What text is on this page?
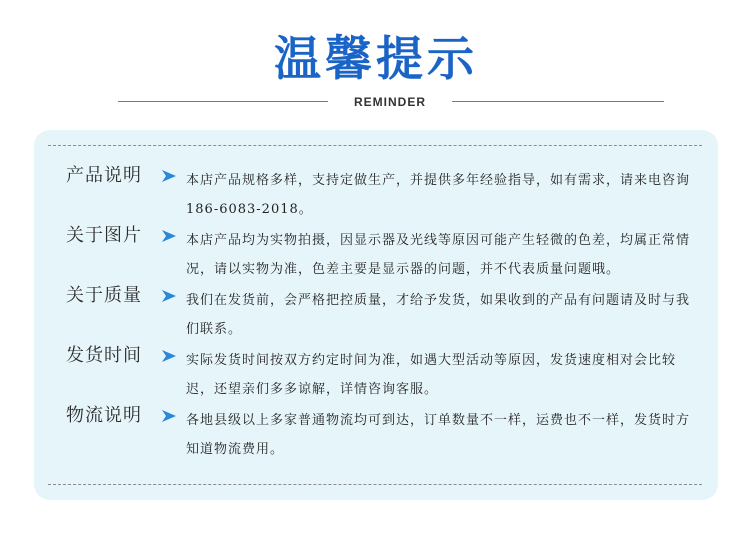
温馨提示
REMINDER
产品说明	本店产品规格多样，支持定做生产，并提供多年经验指导，如有需求，请来电咨询186-6083-2018。
关于图片	本店产品均为实物拍摄，因显示器及光线等原因可能产生轻微的色差，均属正常情况，请以实物为准，色差主要是显示器的问题，并不代表质量问题哦。
关于质量	我们在发货前，会严格把控质量，才给予发货，如果收到的产品有问题请及时与我们联系。
发货时间	实际发货时间按双方约定时间为准，如遇大型活动等原因，发货速度相对会比较迟，还望亲们多多谅解，详情咨询客服。
物流说明	各地县级以上多家普通物流均可到达，订单数量不一样，运费也不一样，发货时方知道物流费用。
